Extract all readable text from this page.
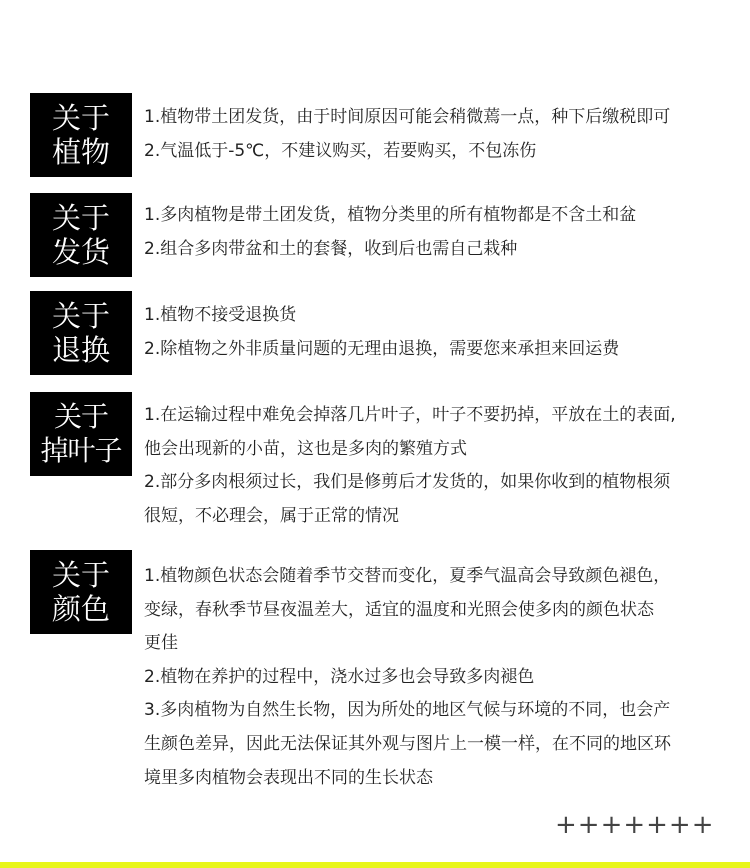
关于
植物
1.植物带土团发货，由于时间原因可能会稍微蔫一点，种下后缴税即可
2.气温低于-5℃，不建议购买，若要购买，不包冻伤
关于
发货
1.多肉植物是带土团发货，植物分类里的所有植物都是不含土和盆
2.组合多肉带盆和土的套餐，收到后也需自己栽种
关于
退换
1.植物不接受退换货
2.除植物之外非质量问题的无理由退换，需要您来承担来回运费
关于
掉叶子
1.在运输过程中难免会掉落几片叶子，叶子不要扔掉，平放在土的表面,
他会出现新的小苗，这也是多肉的繁殖方式
2.部分多肉根须过长，我们是修剪后才发货的，如果你收到的植物根须
很短，不必理会，属于正常的情况
关于
颜色
1.植物颜色状态会随着季节交替而变化，夏季气温高会导致颜色褪色，
变绿，春秋季节昼夜温差大，适宜的温度和光照会使多肉的颜色状态
更佳
2.植物在养护的过程中，浇水过多也会导致多肉褪色
3.多肉植物为自然生长物，因为所处的地区气候与环境的不同，也会产
生颜色差异，因此无法保证其外观与图片上一模一样，在不同的地区环
境里多肉植物会表现出不同的生长状态
+++++++
